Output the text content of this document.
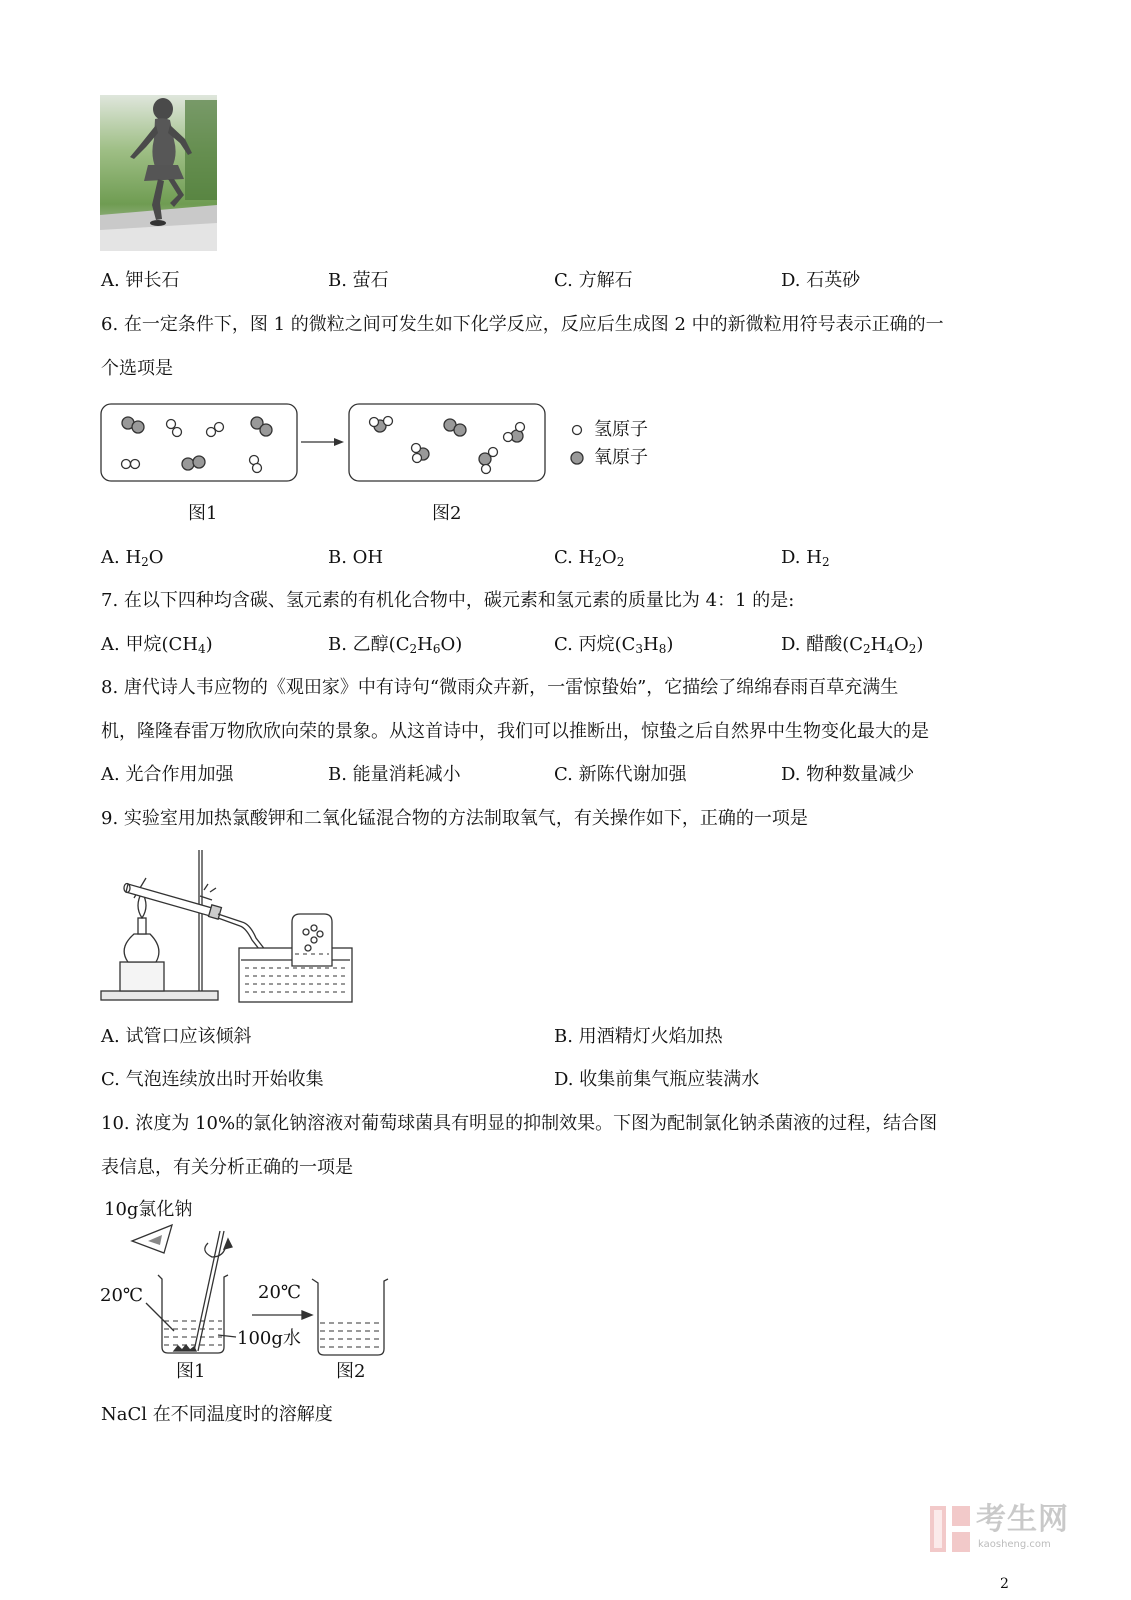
A. 钾长石	B. 萤石	C. 方解石	D. 石英砂
6. 在一定条件下，图 1 的微粒之间可发生如下化学反应，反应后生成图 2 中的新微粒用符号表示正确的一
个选项是
氢原子
氧原子
图1	图2
A. $H_2O$	B. OH	C. $H_2O_2$	D. $H_2$
7. 在以下四种均含碳、氢元素的有机化合物中，碳元素和氢元素的质量比为 4：1 的是:
A. 甲烷$(CH_4)$	B. 乙醇$(C_2H_6O)$	C. 丙烷$(C_3H_8)$	D. 醋酸$(C_2H_4O_2)$
8. 唐代诗人韦应物的《观田家》中有诗句“微雨众卉新，一雷惊蛰始”，它描绘了绵绵春雨百草充满生
机，隆隆春雷万物欣欣向荣的景象。从这首诗中，我们可以推断出，惊蛰之后自然界中生物变化最大的是
A. 光合作用加强	B. 能量消耗减小	C. 新陈代谢加强	D. 物种数量减少
9. 实验室用加热氯酸钾和二氧化锰混合物的方法制取氧气，有关操作如下，正确的一项是
A. 试管口应该倾斜	B. 用酒精灯火焰加热
C. 气泡连续放出时开始收集	D. 收集前集气瓶应装满水
10. 浓度为 10%的氯化钠溶液对葡萄球菌具有明显的抑制效果。下图为配制氯化钠杀菌液的过程，结合图
表信息，有关分析正确的一项是
10g氯化钠
20℃	20℃
100g水
图1	图2
NaCl 在不同温度时的溶解度
考生网
kaosheng.com
2
